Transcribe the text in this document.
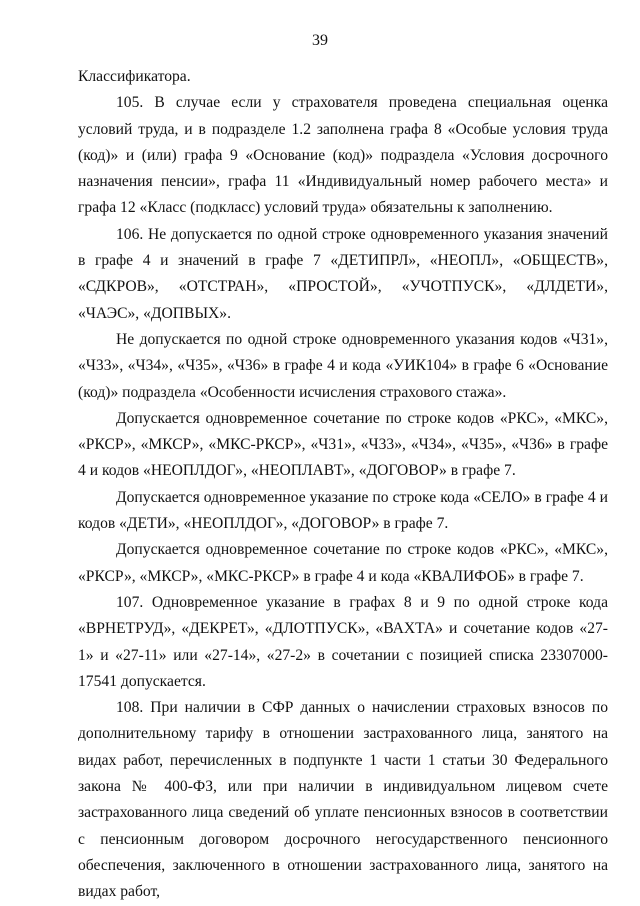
39

Классификатора.

105. В случае если у страхователя проведена специальная оценка условий труда, и в подразделе 1.2 заполнена графа 8 «Особые условия труда (код)» и (или) графа 9 «Основание (код)» подраздела «Условия досрочного назначения пенсии», графа 11 «Индивидуальный номер рабочего места» и графа 12 «Класс (подкласс) условий труда» обязательны к заполнению.

106. Не допускается по одной строке одновременного указания значений в графе 4 и значений в графе 7 «ДЕТИПРЛ», «НЕОПЛ», «ОБЩЕСТВ», «СДКРОВ», «ОТСТРАН», «ПРОСТОЙ», «УЧОТПУСК», «ДЛДЕТИ», «ЧАЭС», «ДОПВЫХ».

Не допускается по одной строке одновременного указания кодов «Ч31», «Ч33», «Ч34», «Ч35», «Ч36» в графе 4 и кода «УИК104» в графе 6 «Основание (код)» подраздела «Особенности исчисления страхового стажа».

Допускается одновременное сочетание по строке кодов «РКС», «МКС», «РКСР», «МКСР», «МКС-РКСР», «Ч31», «Ч33», «Ч34», «Ч35», «Ч36» в графе 4 и кодов «НЕОПЛДОГ», «НЕОПЛАВТ», «ДОГОВОР» в графе 7.

Допускается одновременное указание по строке кода «СЕЛО» в графе 4 и кодов «ДЕТИ», «НЕОПЛДОГ», «ДОГОВОР» в графе 7.

Допускается одновременное сочетание по строке кодов «РКС», «МКС», «РКСР», «МКСР», «МКС-РКСР» в графе 4 и кода «КВАЛИФОБ» в графе 7.

107. Одновременное указание в графах 8 и 9 по одной строке кода «ВРНЕТРУД», «ДЕКРЕТ», «ДЛОТПУСК», «ВАХТА» и сочетание кодов «27-1» и «27-11» или «27-14», «27-2» в сочетании с позицией списка 23307000-17541 допускается.

108. При наличии в СФР данных о начислении страховых взносов по дополнительному тарифу в отношении застрахованного лица, занятого на видах работ, перечисленных в подпункте 1 части 1 статьи 30 Федерального закона № 400-ФЗ, или при наличии в индивидуальном лицевом счете застрахованного лица сведений об уплате пенсионных взносов в соответствии с пенсионным договором досрочного негосударственного пенсионного обеспечения, заключенного в отношении застрахованного лица, занятого на видах работ,
